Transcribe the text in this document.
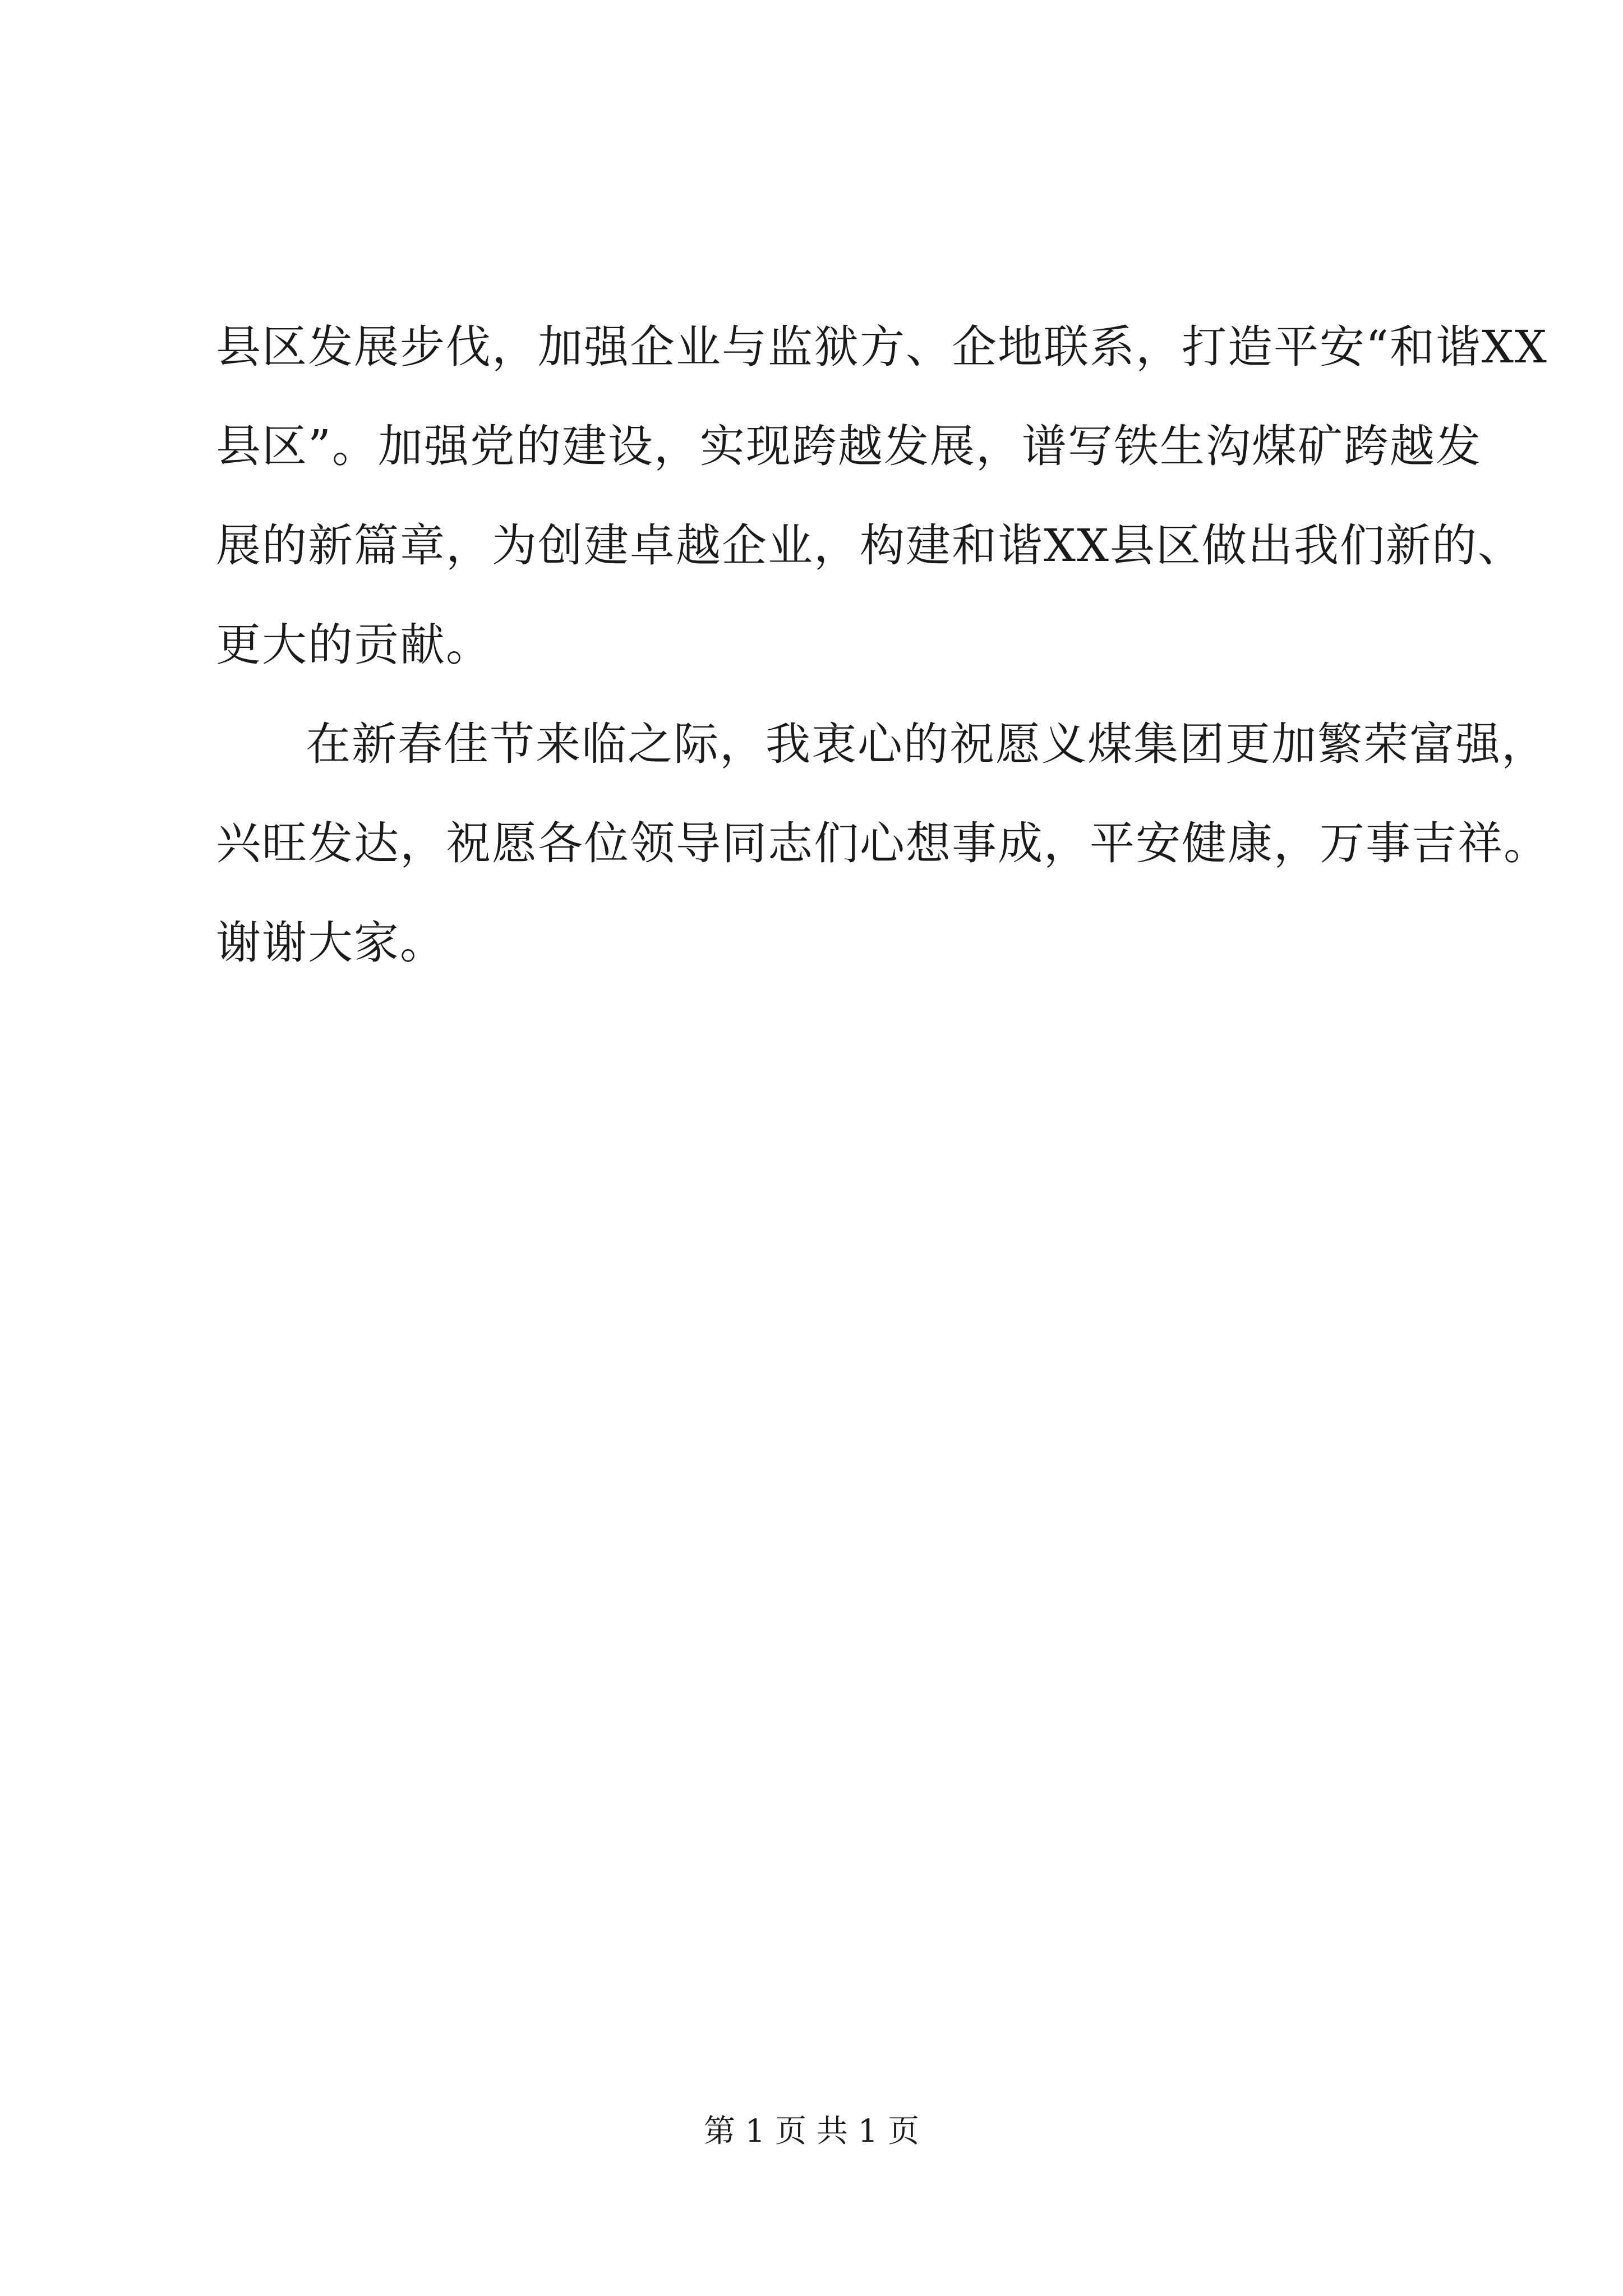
县区发展步伐，加强企业与监狱方、企地联系，打造平安“和谐XX

县区”。加强党的建设，实现跨越发展，谱写铁生沟煤矿跨越发

展的新篇章，为创建卓越企业，构建和谐XX县区做出我们新的、

更大的贡献。

在新春佳节来临之际，我衷心的祝愿义煤集团更加繁荣富强，

兴旺发达，祝愿各位领导同志们心想事成，平安健康，万事吉祥。

谢谢大家。

第 1 页 共 1 页
